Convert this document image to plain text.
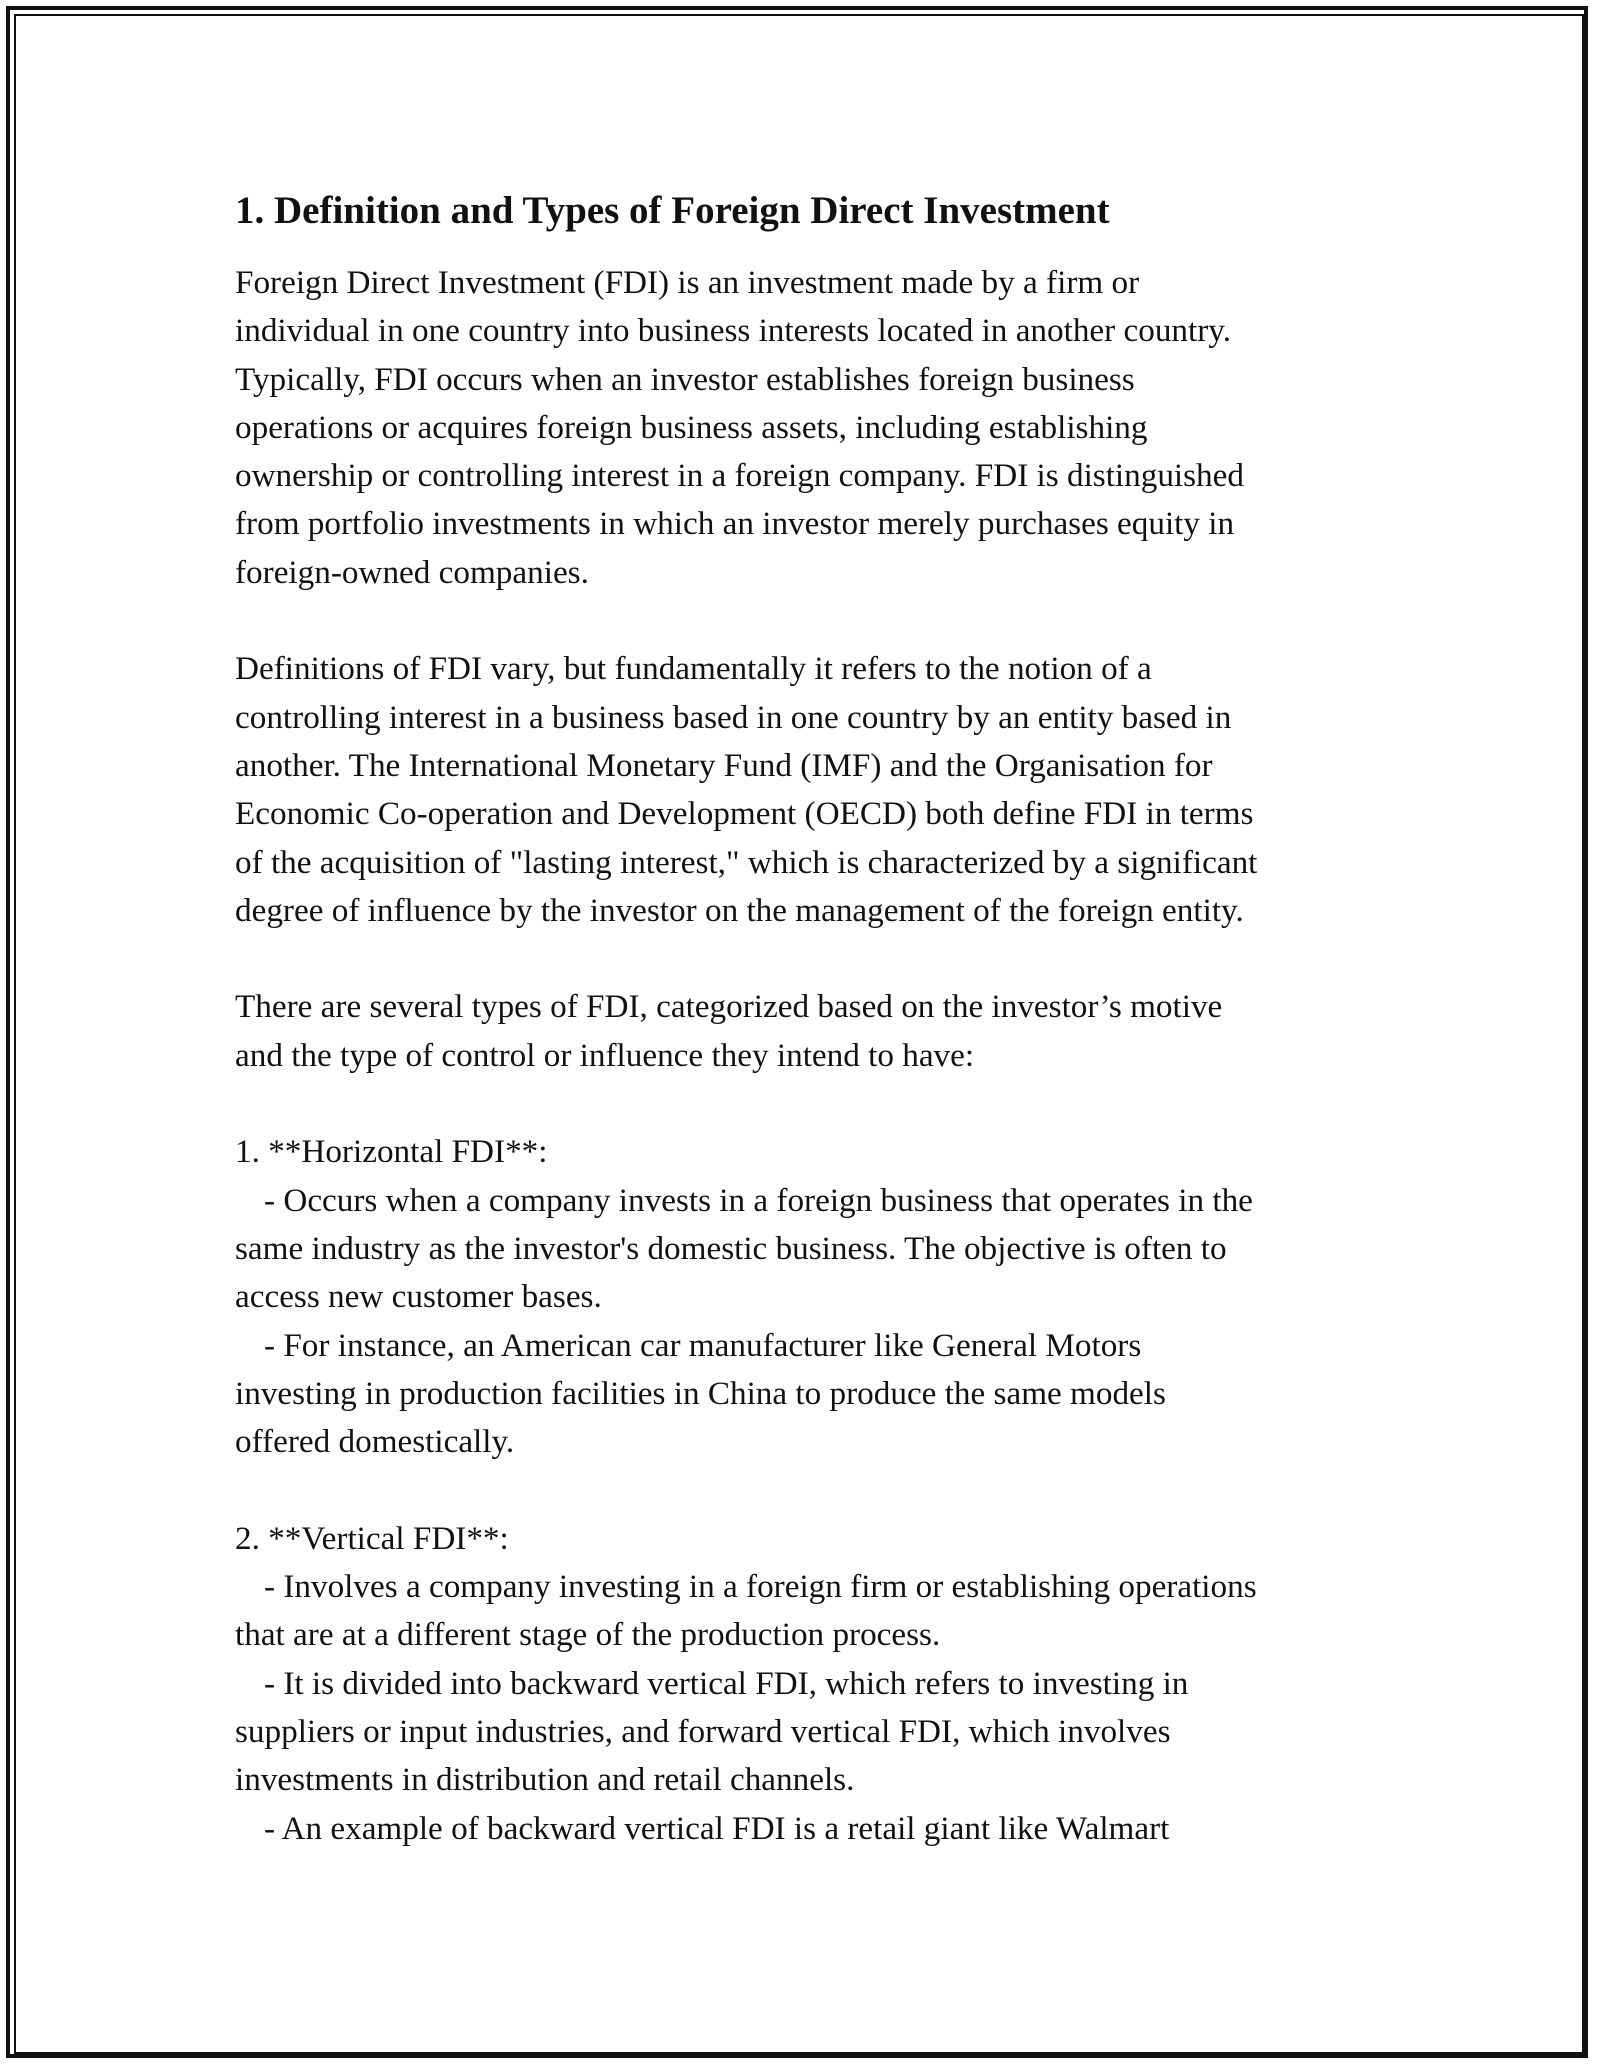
1. Definition and Types of Foreign Direct Investment

Foreign Direct Investment (FDI) is an investment made by a firm or
individual in one country into business interests located in another country.
Typically, FDI occurs when an investor establishes foreign business
operations or acquires foreign business assets, including establishing
ownership or controlling interest in a foreign company. FDI is distinguished
from portfolio investments in which an investor merely purchases equity in
foreign-owned companies.

Definitions of FDI vary, but fundamentally it refers to the notion of a
controlling interest in a business based in one country by an entity based in
another. The International Monetary Fund (IMF) and the Organisation for
Economic Co-operation and Development (OECD) both define FDI in terms
of the acquisition of "lasting interest," which is characterized by a significant
degree of influence by the investor on the management of the foreign entity.

There are several types of FDI, categorized based on the investor’s motive
and the type of control or influence they intend to have:

1. **Horizontal FDI**:
- Occurs when a company invests in a foreign business that operates in the
same industry as the investor's domestic business. The objective is often to
access new customer bases.
- For instance, an American car manufacturer like General Motors
investing in production facilities in China to produce the same models
offered domestically.
2. **Vertical FDI**:
- Involves a company investing in a foreign firm or establishing operations
that are at a different stage of the production process.
- It is divided into backward vertical FDI, which refers to investing in
suppliers or input industries, and forward vertical FDI, which involves
investments in distribution and retail channels.
- An example of backward vertical FDI is a retail giant like Walmart
